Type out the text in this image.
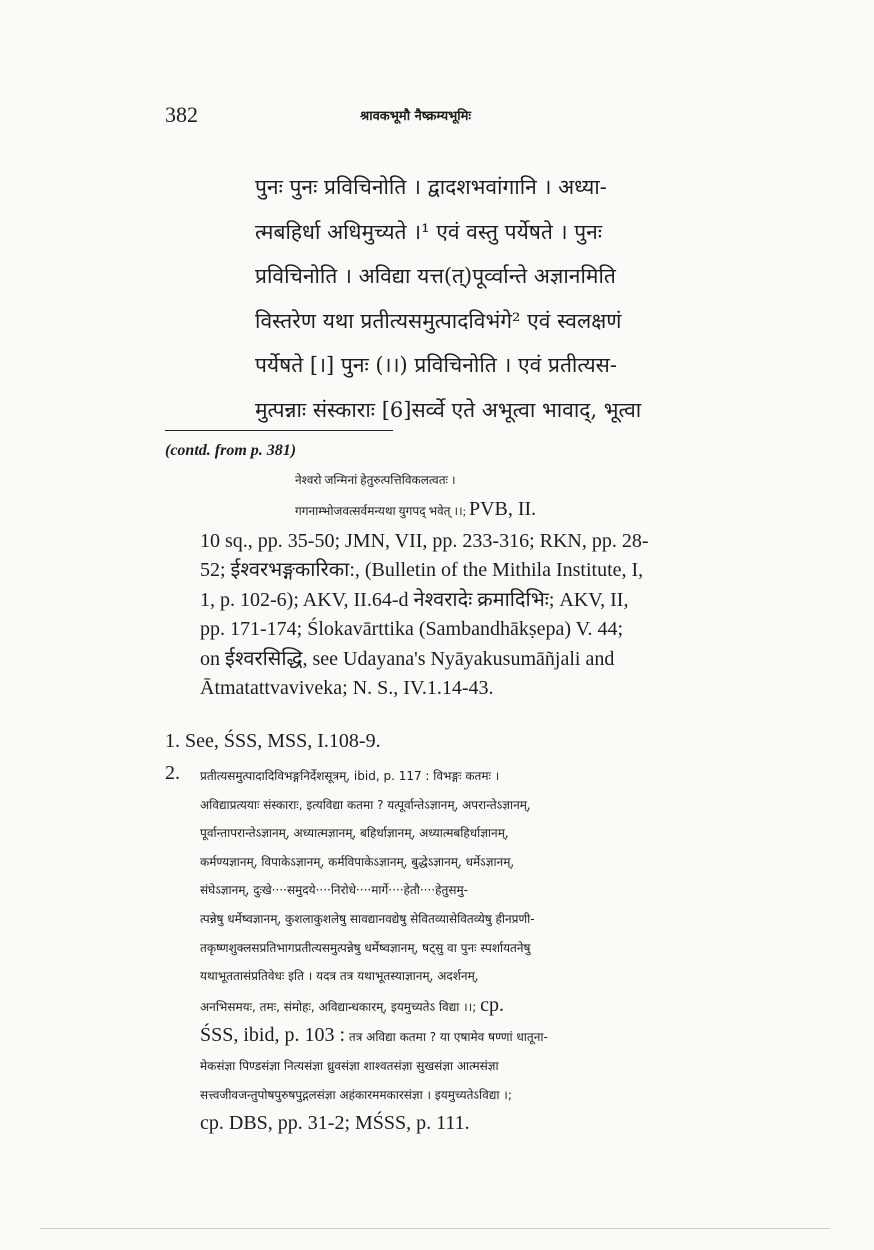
382	श्रावकभूमौ नैष्क्रम्यभूमिः
पुनः पुनः प्रविचिनोति । द्वादशभवांगानि । अध्या-
त्मबहिर्धा अधिमुच्यते ।¹ एवं वस्तु पर्येषते । पुनः
प्रविचिनोति । अविद्या यत्त(त्)पूर्व्वान्ते अज्ञानमिति
विस्तरेण यथा प्रतीत्यसमुत्पादविभंगे² एवं स्वलक्षणं
पर्येषते [।] पुनः (।।) प्रविचिनोति । एवं प्रतीत्यस-
मुत्पन्नाः संस्काराः [6]सर्व्वे एते अभूत्वा भावाद्, भूत्वा
(contd. from p. 381)
नेश्वरो जन्मिनां हेतुरुत्पत्तिविकलत्वतः ।
गगनाम्भोजवत्सर्वमन्यथा युगपद् भवेत् ।।; PVB, II.
10 sq., pp. 35-50; JMN, VII, pp. 233-316; RKN, pp. 28-
52; ईश्वरभङ्गकारिका:, (Bulletin of the Mithila Institute, I,
1, p. 102-6); AKV, II.64-d नेश्वरादेः क्रमादिभिः; AKV, II,
pp. 171-174; Ślokavārttika (Sambandhākṣepa) V. 44;
on ईश्वरसिद्धि, see Udayana's Nyāyakusumāñjali and
Ātmatattvaviveka; N. S., IV.1.14-43.
1. See, ŚSS, MSS, I.108-9.
2. प्रतीत्यसमुत्पादादिविभङ्गनिर्देशसूत्रम्, ibid, p. 117 : विभङ्गः कतमः ।
अविद्याप्रत्ययाः संस्काराः, इत्यविद्या कतमा ? यत्पूर्वान्तेऽज्ञानम्, अपरान्तेऽज्ञानम्,
पूर्वान्तापरान्तेऽज्ञानम्, अध्यात्मज्ञानम्, बहिर्धाज्ञानम्, अध्यात्मबहिर्धाज्ञानम्,
कर्मण्यज्ञानम्, विपाकेऽज्ञानम्, कर्मविपाकेऽज्ञानम्, बुद्धेऽज्ञानम्, धर्मेऽज्ञानम्,
संघेऽज्ञानम्, दुःखे····समुदये····निरोधे····मार्गे····हेतौ····हेतुसमु-
त्पन्नेषु धर्मेष्वज्ञानम्, कुशलाकुशलेषु सावद्यानवद्येषु सेवितव्यासेवितव्येषु हीनप्रणी-
तकृष्णशुक्लसप्रतिभागप्रतीत्यसमुत्पन्नेषु धर्मेष्वज्ञानम्, षट्सु वा पुनः स्पर्शायतनेषु
यथाभूततासंप्रतिवेधः इति । यदत्र तत्र यथाभूतस्याज्ञानम्, अदर्शनम्,
अनभिसमयः, तमः, संमोहः, अविद्यान्धकारम्, इयमुच्यतेऽ विद्या ।।; cp.
ŚSS, ibid, p. 103 : तत्र अविद्या कतमा ? या एषामेव षण्णां धातूना-
मेकसंज्ञा पिण्डसंज्ञा नित्यसंज्ञा ध्रुवसंज्ञा शाश्वतसंज्ञा सुखसंज्ञा आत्मसंज्ञा
सत्त्वजीवजन्तुपोषपुरुषपुद्गलसंज्ञा अहंकारममकारसंज्ञा । इयमुच्यतेऽविद्या ।;
cp. DBS, pp. 31-2; MŚSS, p. 111.
